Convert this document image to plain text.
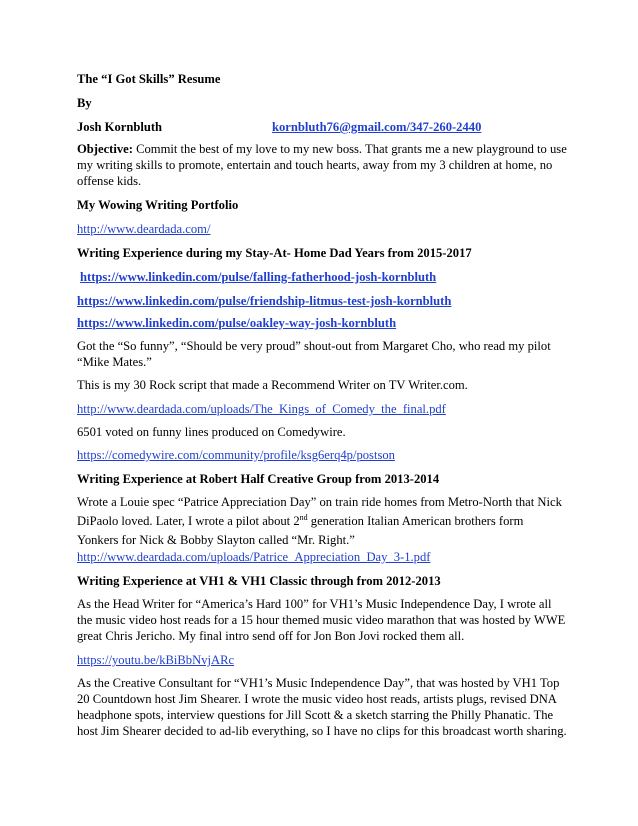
The “I Got Skills” Resume
By
Josh Kornbluth	kornbluth76@gmail.com/347-260-2440
Objective: Commit the best of my love to my new boss. That grants me a new playground to use
my writing skills to promote, entertain and touch hearts, away from my 3 children at home, no
offense kids.
My Wowing Writing Portfolio
http://www.deardada.com/
Writing Experience during my Stay-At- Home Dad Years from 2015-2017
https://www.linkedin.com/pulse/falling-fatherhood-josh-kornbluth
https://www.linkedin.com/pulse/friendship-litmus-test-josh-kornbluth
https://www.linkedin.com/pulse/oakley-way-josh-kornbluth
Got the “So funny”, “Should be very proud” shout-out from Margaret Cho, who read my pilot
“Mike Mates.”
This is my 30 Rock script that made a Recommend Writer on TV Writer.com.
http://www.deardada.com/uploads/The_Kings_of_Comedy_the_final.pdf
6501 voted on funny lines produced on Comedywire.
https://comedywire.com/community/profile/ksg6erq4p/postson
Writing Experience at Robert Half Creative Group from 2013-2014
Wrote a Louie spec “Patrice Appreciation Day” on train ride homes from Metro-North that Nick
DiPaolo loved. Later, I wrote a pilot about 2nd generation Italian American brothers form
Yonkers for Nick & Bobby Slayton called “Mr. Right.”
http://www.deardada.com/uploads/Patrice_Appreciation_Day_3-1.pdf
Writing Experience at VH1 & VH1 Classic through from 2012-2013
As the Head Writer for “America’s Hard 100” for VH1’s Music Independence Day, I wrote all
the music video host reads for a 15 hour themed music video marathon that was hosted by WWE
great Chris Jericho. My final intro send off for Jon Bon Jovi rocked them all.
https://youtu.be/kBiBbNvjARc
As the Creative Consultant for “VH1’s Music Independence Day”, that was hosted by VH1 Top
20 Countdown host Jim Shearer. I wrote the music video host reads, artists plugs, revised DNA
headphone spots, interview questions for Jill Scott & a sketch starring the Philly Phanatic. The
host Jim Shearer decided to ad-lib everything, so I have no clips for this broadcast worth sharing.
